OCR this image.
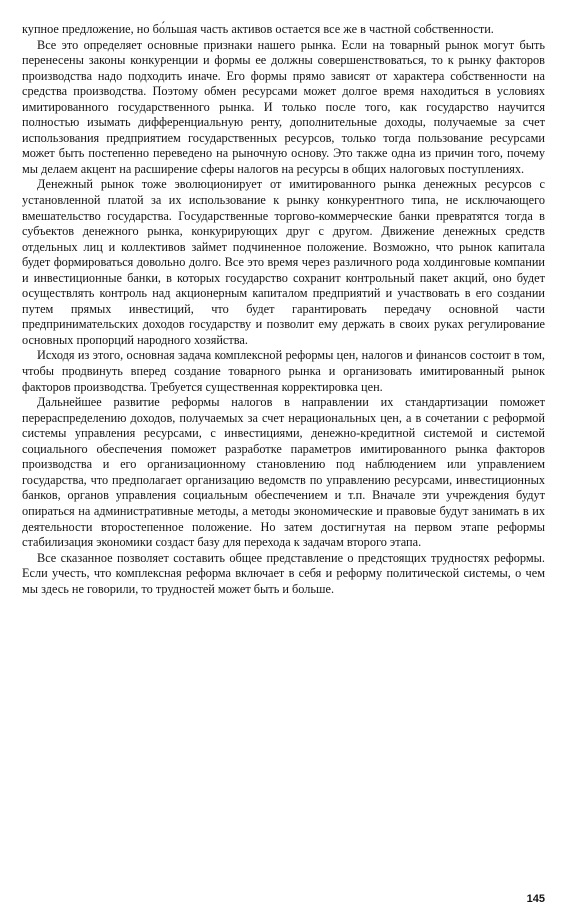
купное предложение, но бо́льшая часть активов остается все же в частной собственности.

Все это определяет основные признаки нашего рынка. Если на товарный рынок могут быть перенесены законы конкуренции и формы ее должны совершенствоваться, то к рынку факторов производства надо подходить иначе. Его формы прямо зависят от характера собственности на средства производства. Поэтому обмен ресурсами может долгое время находиться в условиях имитированного государственного рынка. И только после того, как государство научится полностью изымать дифференциальную ренту, дополнительные доходы, получаемые за счет использования предприятием государственных ресурсов, только тогда пользование ресурсами может быть постепенно переведено на рыночную основу. Это также одна из причин того, почему мы делаем акцент на расширение сферы налогов на ресурсы в общих налоговых поступлениях.

Денежный рынок тоже эволюционирует от имитированного рынка денежных ресурсов с установленной платой за их использование к рынку конкурентного типа, не исключающего вмешательство государства. Государственные торгово-коммерческие банки превратятся тогда в субъектов денежного рынка, конкурирующих друг с другом. Движение денежных средств отдельных лиц и коллективов займет подчиненное положение. Возможно, что рынок капитала будет формироваться довольно долго. Все это время через различного рода холдинговые компании и инвестиционные банки, в которых государство сохранит контрольный пакет акций, оно будет осуществлять контроль над акционерным капиталом предприятий и участвовать в его создании путем прямых инвестиций, что будет гарантировать передачу основной части предпринимательских доходов государству и позволит ему держать в своих руках регулирование основных пропорций народного хозяйства.

Исходя из этого, основная задача комплексной реформы цен, налогов и финансов состоит в том, чтобы продвинуть вперед создание товарного рынка и организовать имитированный рынок факторов производства. Требуется существенная корректировка цен.

Дальнейшее развитие реформы налогов в направлении их стандартизации поможет перераспределению доходов, получаемых за счет нерациональных цен, а в сочетании с реформой системы управления ресурсами, с инвестициями, денежно-кредитной системой и системой социального обеспечения поможет разработке параметров имитированного рынка факторов производства и его организационному становлению под наблюдением или управлением государства, что предполагает организацию ведомств по управлению ресурсами, инвестиционных банков, органов управления социальным обеспечением и т.п. Вначале эти учреждения будут опираться на административные методы, а методы экономические и правовые будут занимать в их деятельности второстепенное положение. Но затем достигнутая на первом этапе реформы стабилизация экономики создаст базу для перехода к задачам второго этапа.

Все сказанное позволяет составить общее представление о предстоящих трудностях реформы. Если учесть, что комплексная реформа включает в себя и реформу политической системы, о чем мы здесь не говорили, то трудностей может быть и больше.

145
